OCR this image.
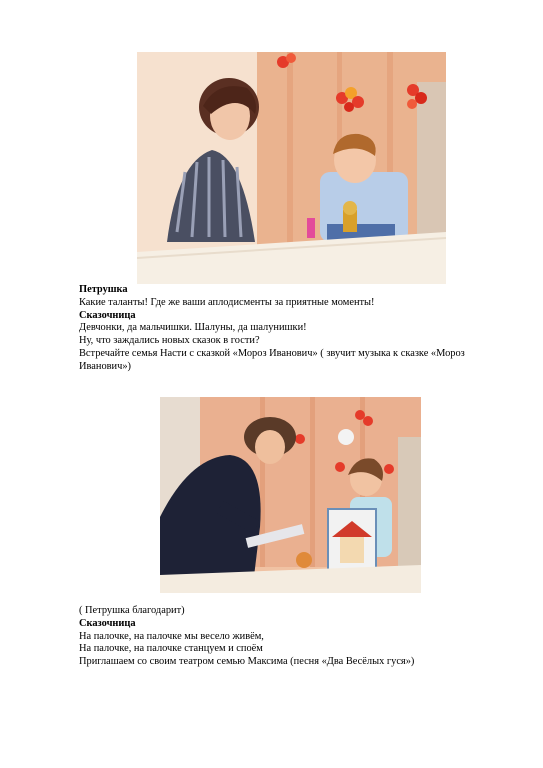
Петрушка
Какие таланты! Где же ваши аплодисменты за приятные моменты!
Сказочница
Девчонки, да мальчишки. Шалуны, да шалунишки!
Ну, что заждались новых сказок в гости?
Встречайте семья Насти с сказкой «Мороз Иванович» ( звучит музыка к сказке «Мороз Иванович»)
( Петрушка благодарит)
Сказочница
На палочке, на палочке мы весело живём,
На палочке, на палочке станцуем и споём
Приглашаем со своим театром семью Максима (песня «Два Весёлых гуся»)
